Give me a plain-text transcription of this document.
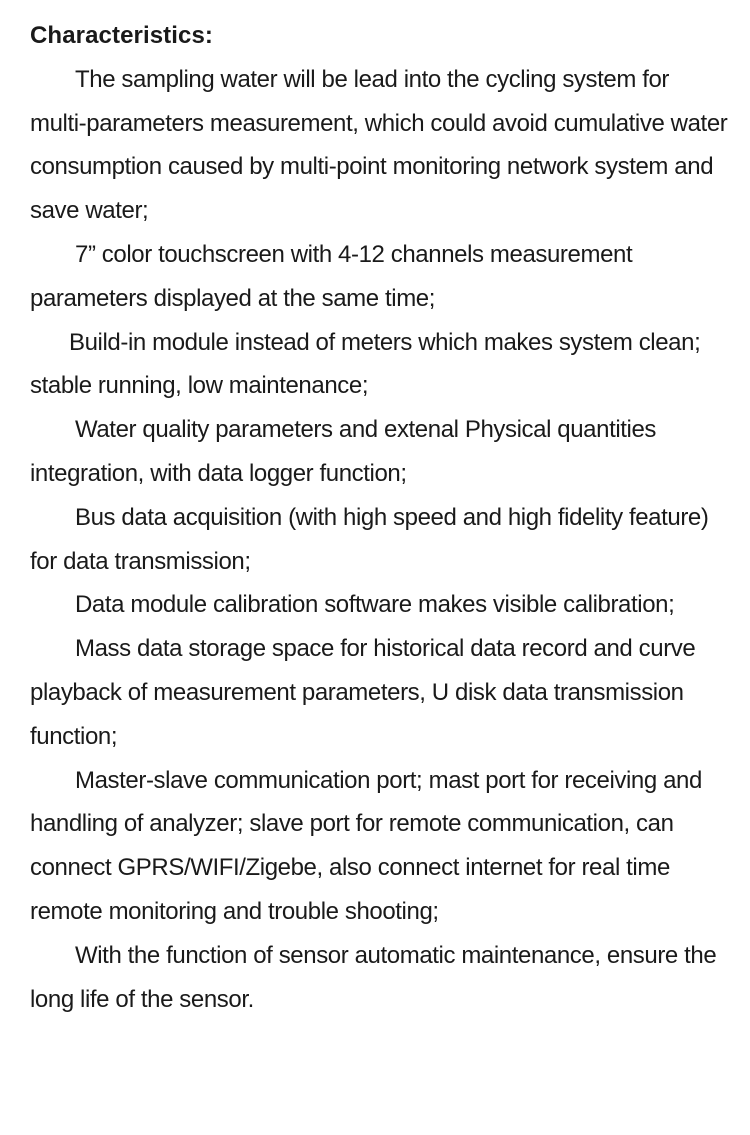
Characteristics:

The sampling water will be lead into the cycling system for multi-parameters measurement, which could avoid cumulative water consumption caused by multi-point monitoring network system and save water;

7” color touchscreen with 4-12 channels measurement parameters displayed at the same time;

Build-in module instead of meters which makes system clean; stable running, low maintenance;

Water quality parameters and extenal Physical quantities integration, with data logger function;

Bus data acquisition (with high speed and high fidelity feature) for data transmission;

Data module calibration software makes visible calibration;

Mass data storage space for historical data record and curve playback of measurement parameters, U disk data transmission function;

Master-slave communication port; mast port for receiving and handling of analyzer; slave port for remote communication, can connect GPRS/WIFI/Zigebe, also connect internet for real time remote monitoring and trouble shooting;

With the function of sensor automatic maintenance, ensure the long life of the sensor.
